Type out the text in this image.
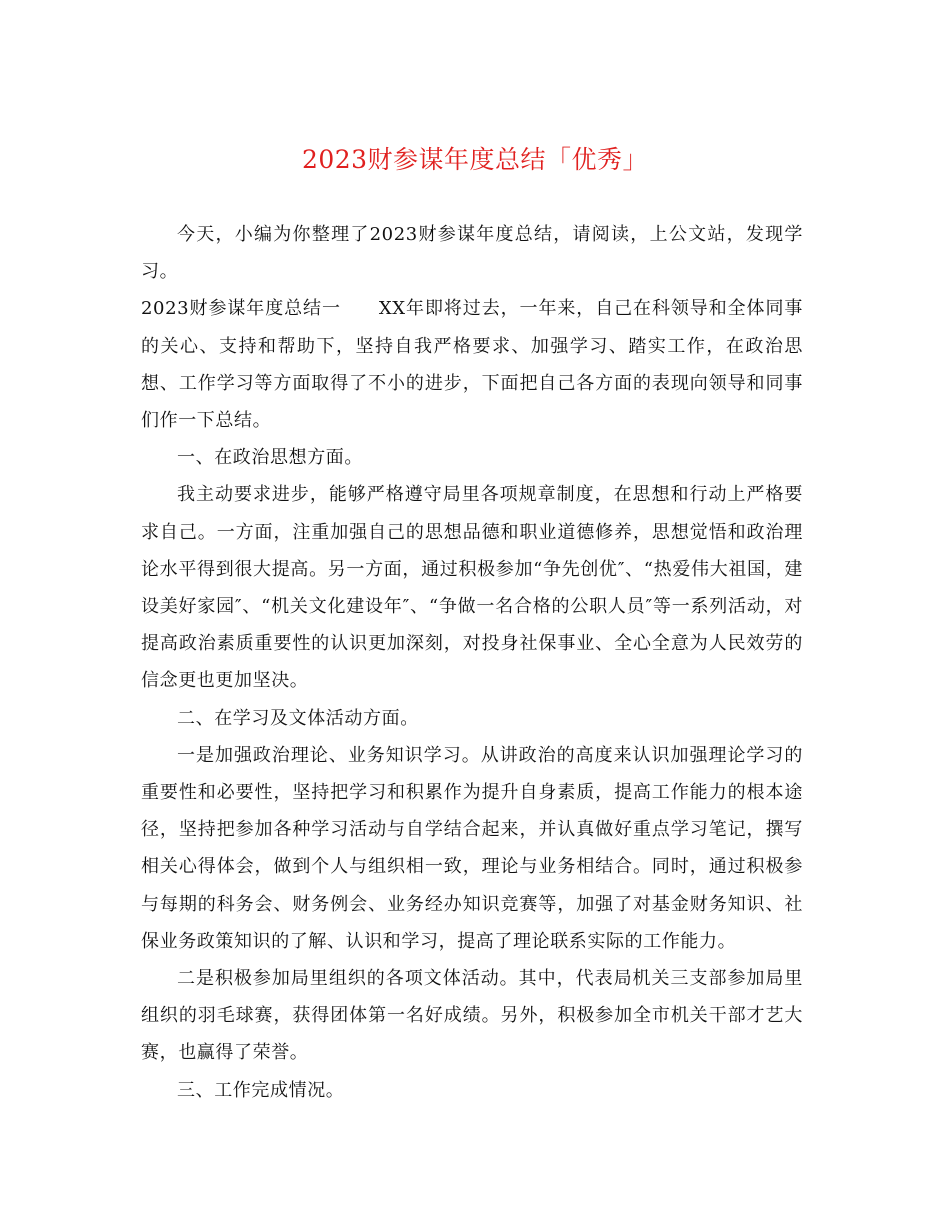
2023财参谋年度总结「优秀」

今天，小编为你整理了2023财参谋年度总结，请阅读，上公文站，发现学习。

2023财参谋年度总结一 XX年即将过去，一年来，自己在科领导和全体同事的关心、支持和帮助下，坚持自我严格要求、加强学习、踏实工作，在政治思想、工作学习等方面取得了不小的进步，下面把自己各方面的表现向领导和同事们作一下总结。

一、在政治思想方面。

我主动要求进步，能够严格遵守局里各项规章制度，在思想和行动上严格要求自己。一方面，注重加强自己的思想品德和职业道德修养，思想觉悟和政治理论水平得到很大提高。另一方面，通过积极参加“争先创优″、“热爱伟大祖国，建设美好家园″、“机关文化建设年″、“争做一名合格的公职人员″等一系列活动，对提高政治素质重要性的认识更加深刻，对投身社保事业、全心全意为人民效劳的信念更也更加坚决。

二、在学习及文体活动方面。

一是加强政治理论、业务知识学习。从讲政治的高度来认识加强理论学习的重要性和必要性，坚持把学习和积累作为提升自身素质，提高工作能力的根本途径，坚持把参加各种学习活动与自学结合起来，并认真做好重点学习笔记，撰写相关心得体会，做到个人与组织相一致，理论与业务相结合。同时，通过积极参与每期的科务会、财务例会、业务经办知识竞赛等，加强了对基金财务知识、社保业务政策知识的了解、认识和学习，提高了理论联系实际的工作能力。

二是积极参加局里组织的各项文体活动。其中，代表局机关三支部参加局里组织的羽毛球赛，获得团体第一名好成绩。另外，积极参加全市机关干部才艺大赛，也赢得了荣誉。

三、工作完成情况。
